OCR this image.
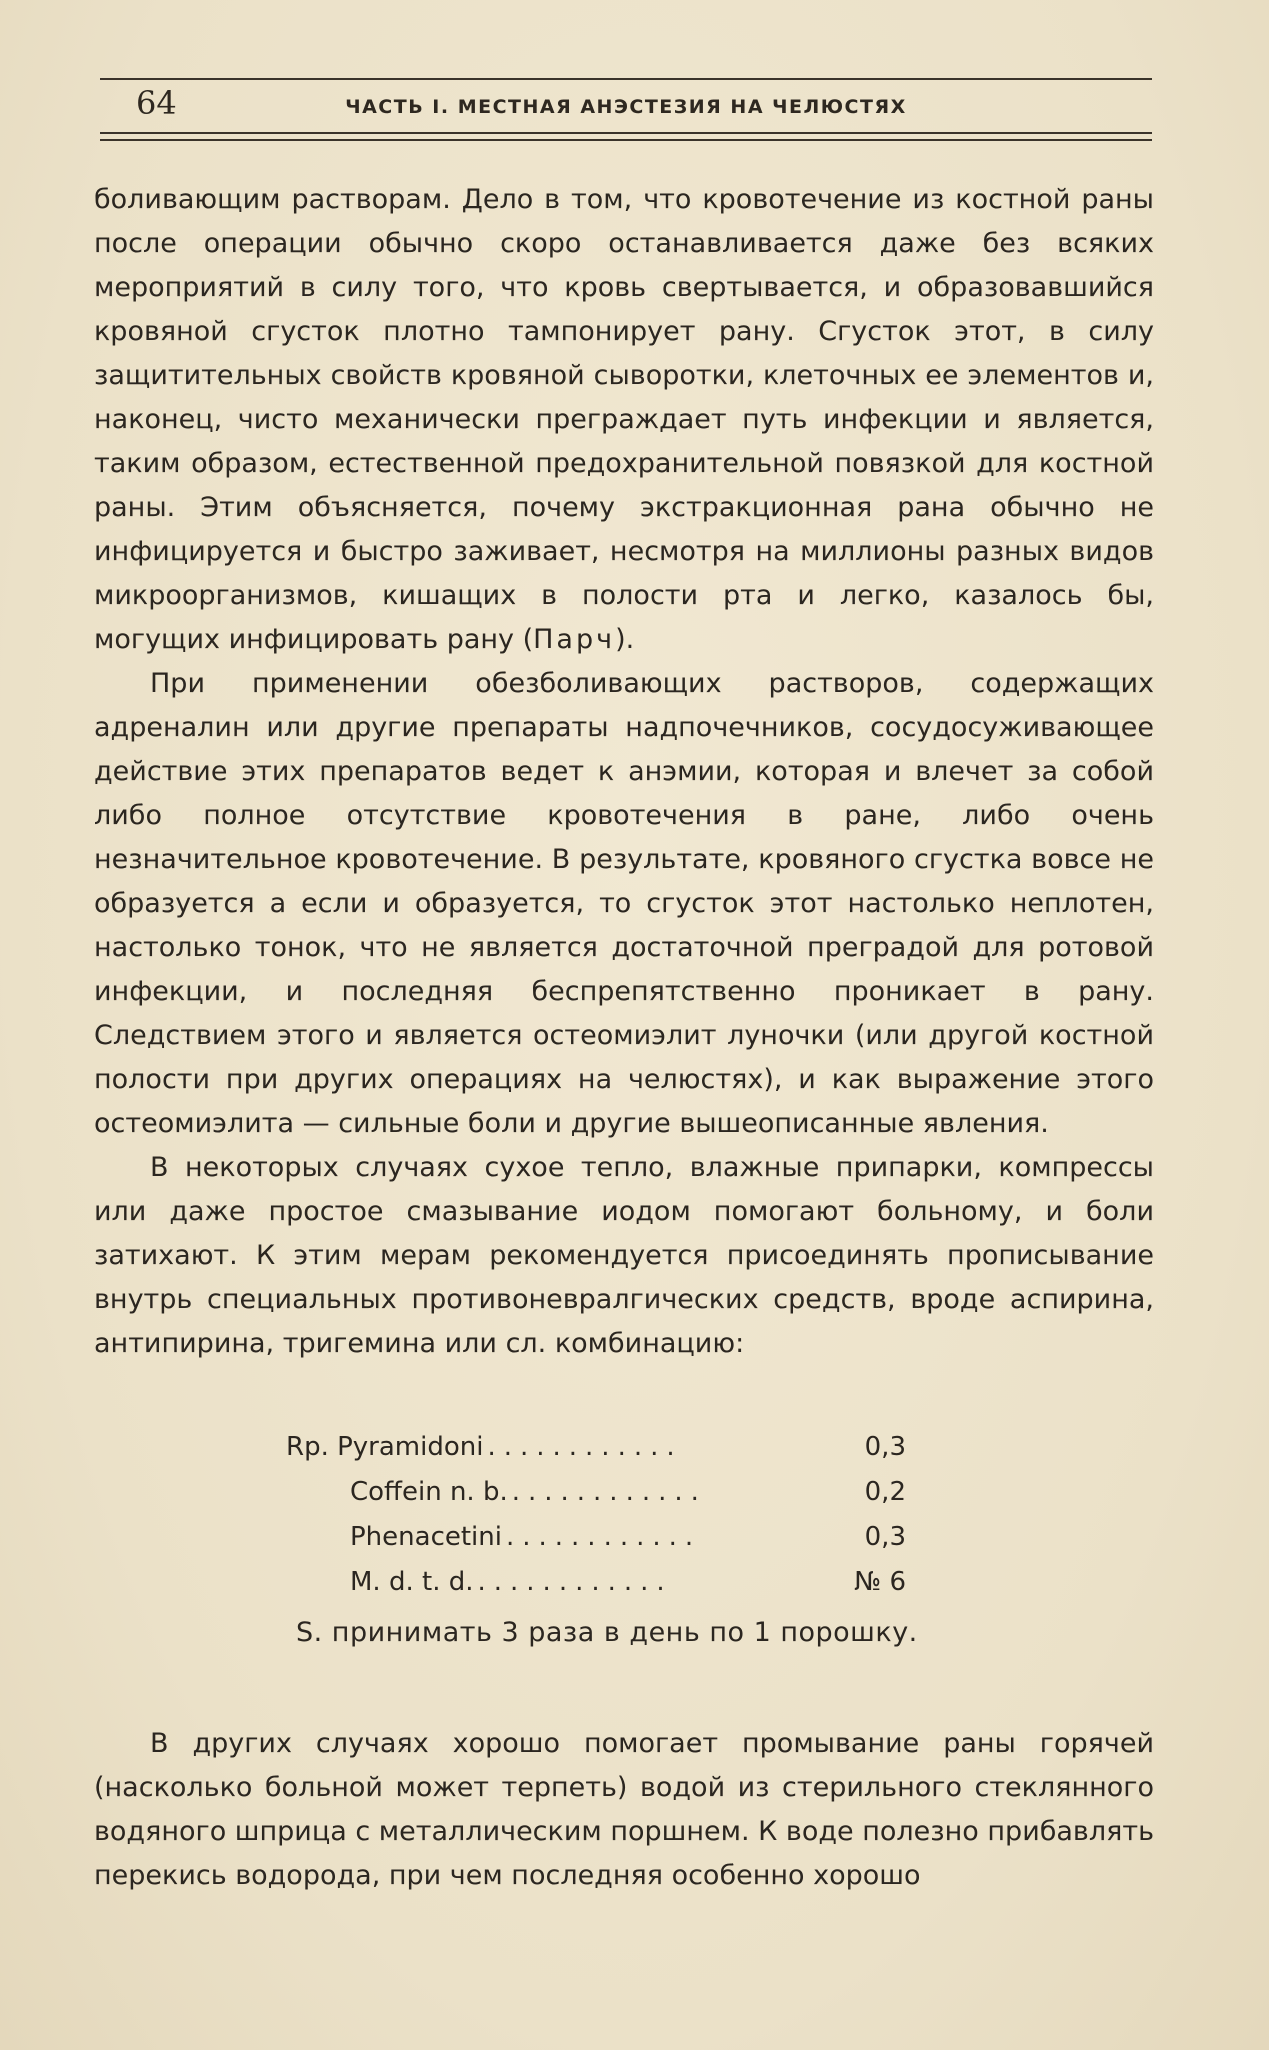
64	ЧАСТЬ I. МЕСТНАЯ АНЭСТЕЗИЯ НА ЧЕЛЮСТЯХ

боливающим растворам. Дело в том, что кровотечение из костной раны после операции обычно скоро останавливается даже без всяких мероприятий в силу того, что кровь свертывается, и образовавшийся кровяной сгусток плотно тампонирует рану. Сгусток этот, в силу защитительных свойств кровяной сыворотки, клеточных ее элементов и, наконец, чисто механически преграждает путь инфекции и является, таким образом, естественной предохранительной повязкой для костной раны. Этим объясняется, почему экстракционная рана обычно не инфицируется и быстро заживает, несмотря на миллионы разных видов микроорганизмов, кишащих в полости рта и легко, казалось бы, могущих инфицировать рану (Парч).

При применении обезболивающих растворов, содержащих адреналин или другие препараты надпочечников, сосудосуживающее действие этих препаратов ведет к анэмии, которая и влечет за собой либо полное отсутствие кровотечения в ране, либо очень незначительное кровотечение. В результате, кровяного сгустка вовсе не образуется а если и образуется, то сгусток этот настолько неплотен, настолько тонок, что не является достаточной преградой для ротовой инфекции, и последняя беспрепятственно проникает в рану. Следствием этого и является остеомиэлит луночки (или другой костной полости при других операциях на челюстях), и как выражение этого остеомиэлита — сильные боли и другие вышеописанные явления.

В некоторых случаях сухое тепло, влажные припарки, компрессы или даже простое смазывание иодом помогают больному, и боли затихают. К этим мерам рекомендуется присоединять прописывание внутрь специальных противоневралгических средств, вроде аспирина, антипирина, тригемина или сл. комбинацию:

Rp. Pyramidoni ............	0,3
Coffein n. b. ............	0,2
Phenacetini ............	0,3
M. d. t. d. ............	№ 6
S. принимать 3 раза в день по 1 порошку.

В других случаях хорошо помогает промывание раны горячей (насколько больной может терпеть) водой из стерильного стеклянного водяного шприца с металлическим поршнем. К воде полезно прибавлять перекись водорода, при чем последняя особенно хорошо
